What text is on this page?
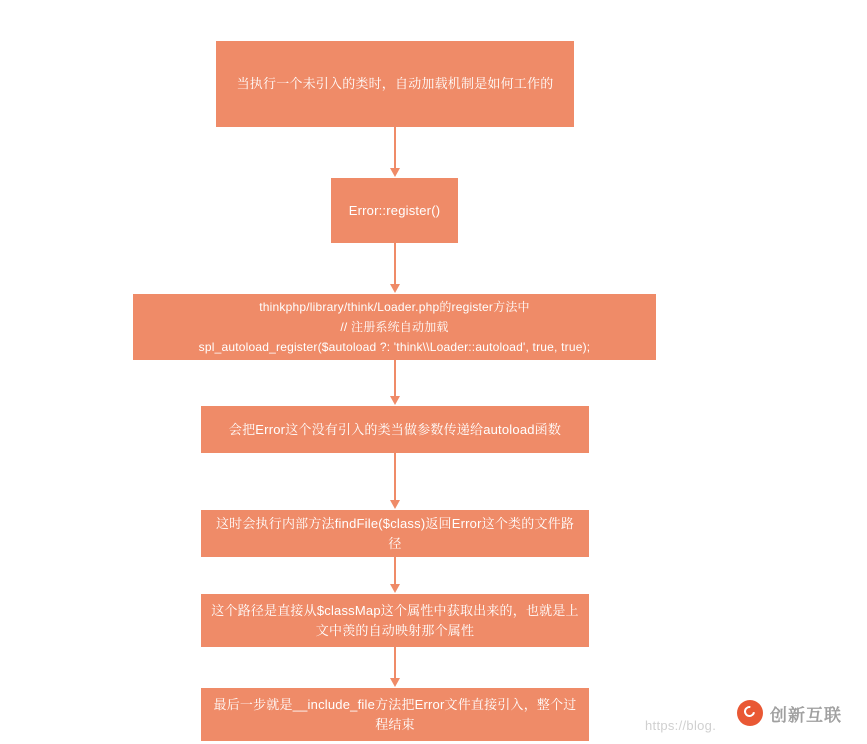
当执行一个未引入的类时，自动加载机制是如何工作的
Error::register()
thinkphp/library/think/Loader.php的register方法中
// 注册系统自动加载
spl_autoload_register($autoload ?: 'think\\Loader::autoload', true, true);
会把Error这个没有引入的类当做参数传递给autoload函数
这时会执行内部方法findFile($class)返回Error这个类的文件路径
这个路径是直接从$classMap这个属性中获取出来的，也就是上文中羡的自动映射那个属性
最后一步就是__include_file方法把Error文件直接引入，整个过程结束	https://blog.
创新互联
